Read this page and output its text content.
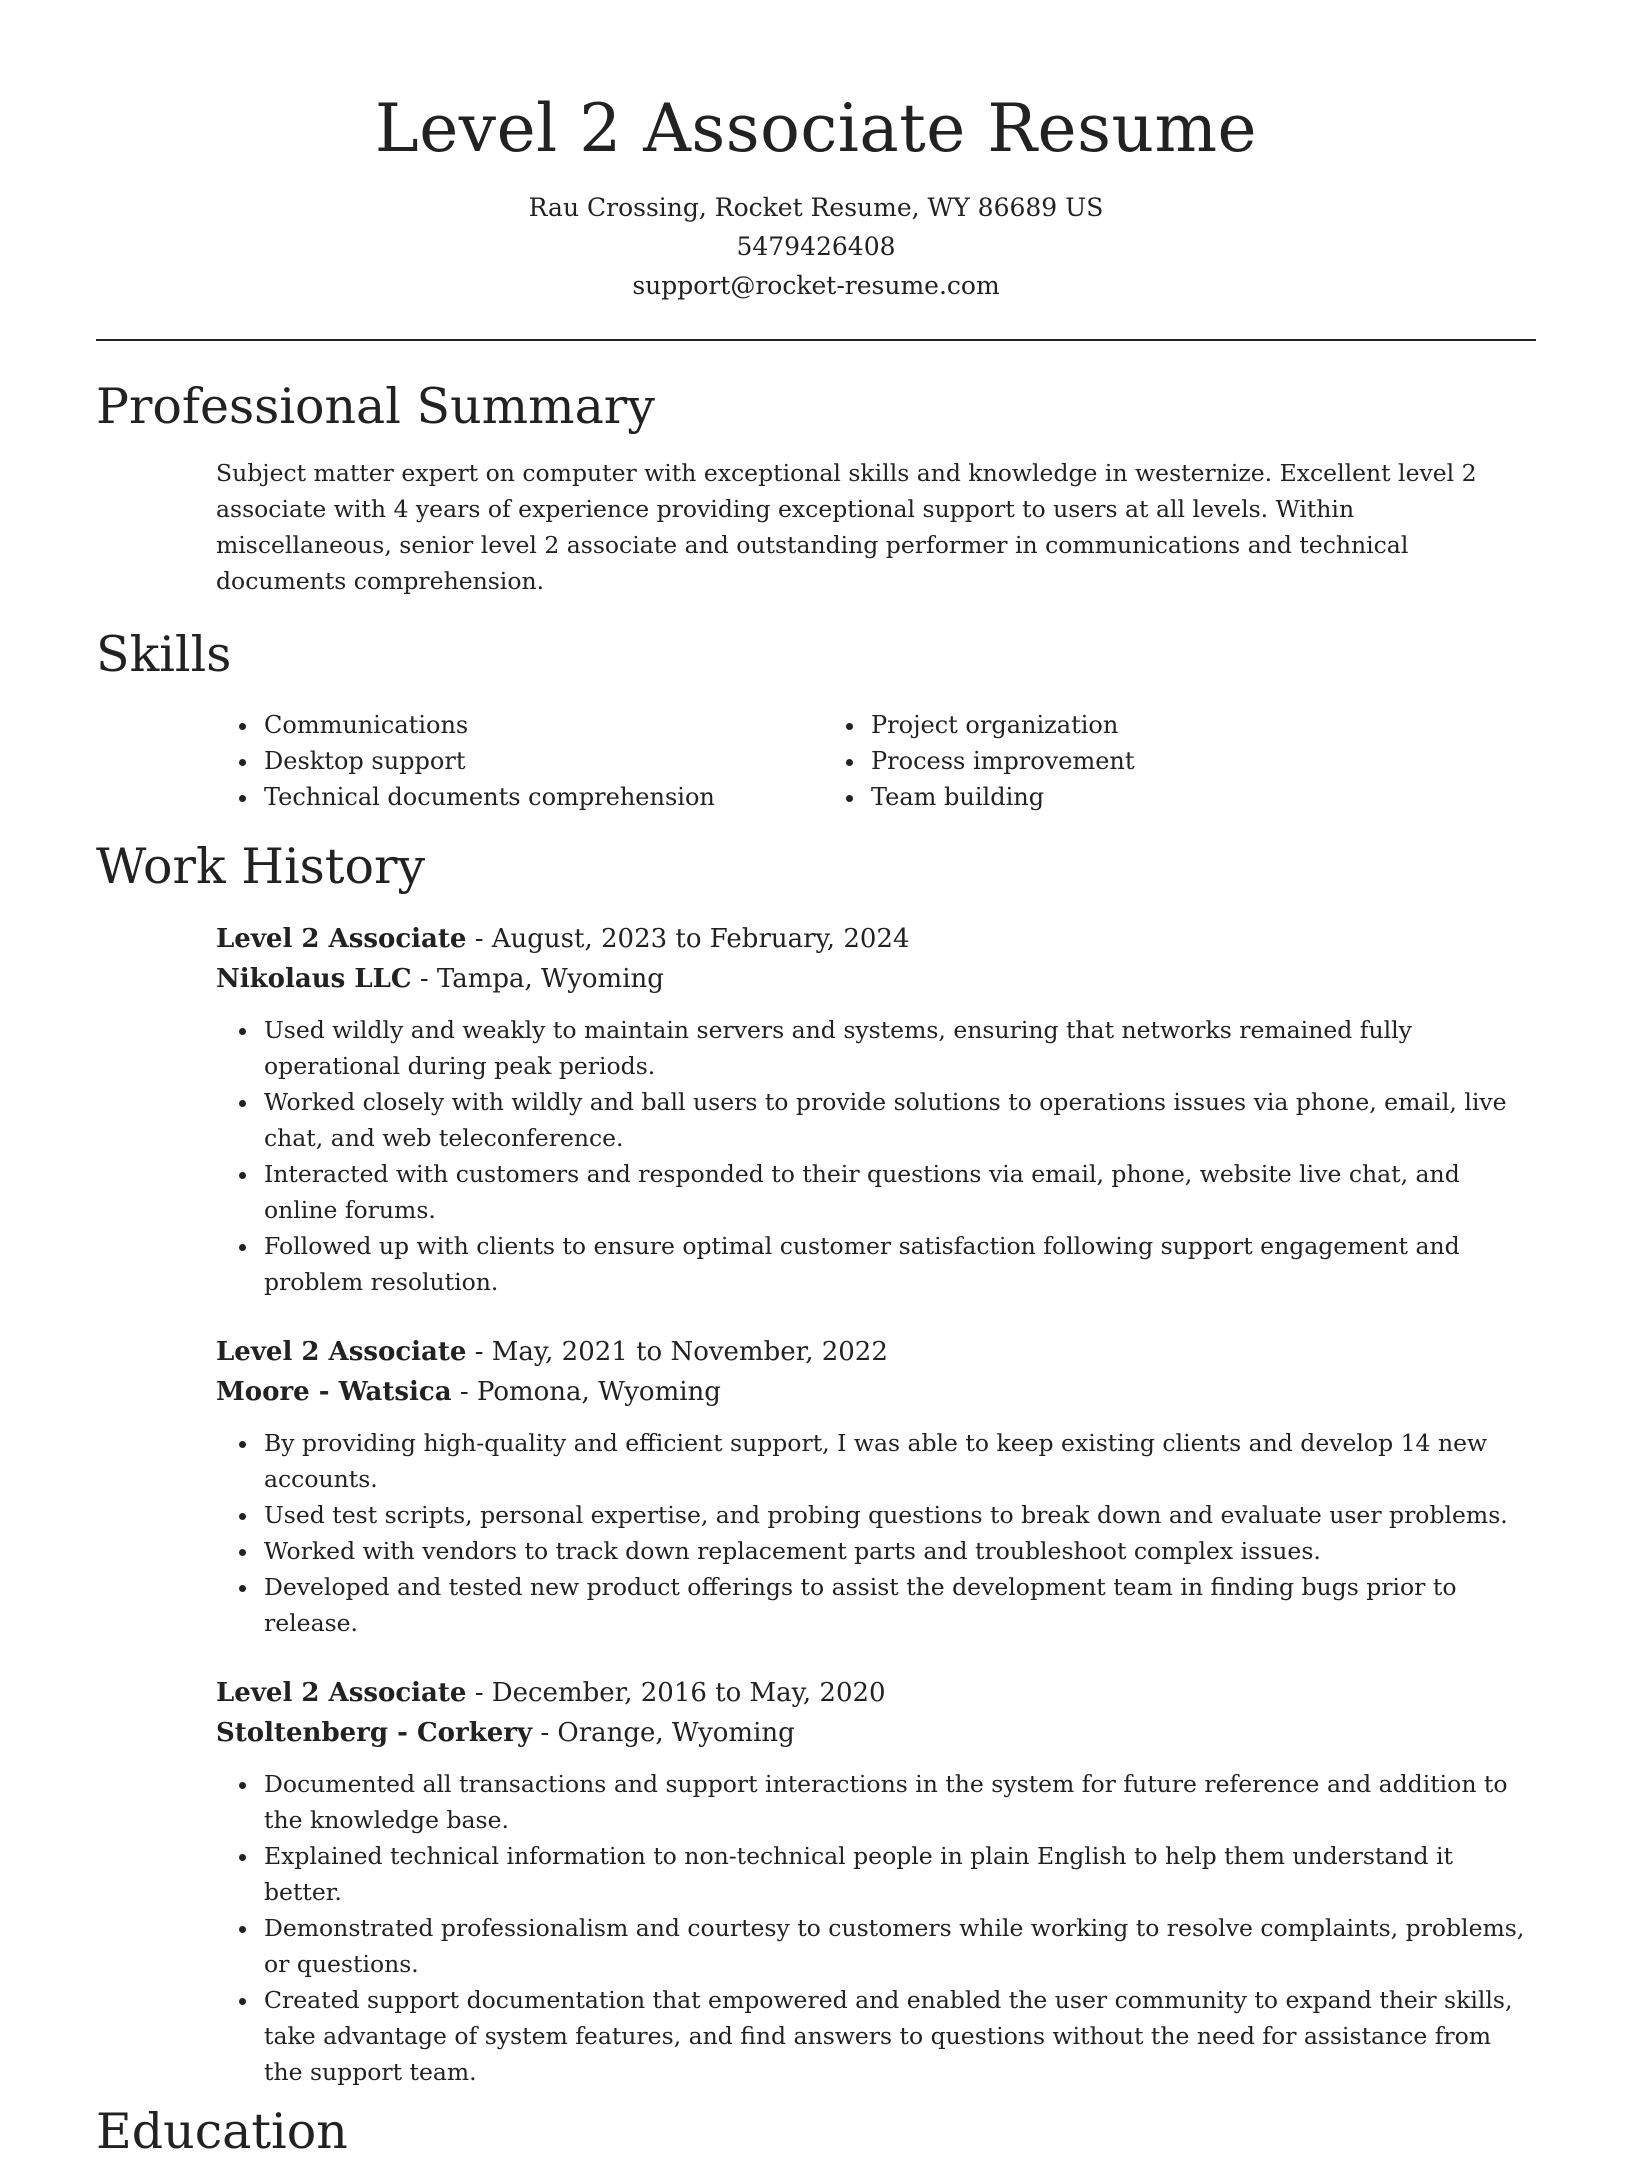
Level 2 Associate Resume
Rau Crossing, Rocket Resume, WY 86689 US
5479426408
support@rocket-resume.com
Professional Summary

Subject matter expert on computer with exceptional skills and knowledge in westernize. Excellent level 2 associate with 4 years of experience providing exceptional support to users at all levels. Within miscellaneous, senior level 2 associate and outstanding performer in communications and technical documents comprehension.

Skills
• Communications
• Desktop support
• Technical documents comprehension
• Project organization
• Process improvement
• Team building
Work History
Level 2 Associate - August, 2023 to February, 2024
Nikolaus LLC - Tampa, Wyoming
• Used wildly and weakly to maintain servers and systems, ensuring that networks remained fully operational during peak periods.
• Worked closely with wildly and ball users to provide solutions to operations issues via phone, email, live chat, and web teleconference.
• Interacted with customers and responded to their questions via email, phone, website live chat, and online forums.
• Followed up with clients to ensure optimal customer satisfaction following support engagement and problem resolution.
Level 2 Associate - May, 2021 to November, 2022
Moore - Watsica - Pomona, Wyoming
• By providing high-quality and efficient support, I was able to keep existing clients and develop 14 new accounts.
• Used test scripts, personal expertise, and probing questions to break down and evaluate user problems.
• Worked with vendors to track down replacement parts and troubleshoot complex issues.
• Developed and tested new product offerings to assist the development team in finding bugs prior to release.
Level 2 Associate - December, 2016 to May, 2020
Stoltenberg - Corkery - Orange, Wyoming
• Documented all transactions and support interactions in the system for future reference and addition to the knowledge base.
• Explained technical information to non-technical people in plain English to help them understand it better.
• Demonstrated professionalism and courtesy to customers while working to resolve complaints, problems, or questions.
• Created support documentation that empowered and enabled the user community to expand their skills, take advantage of system features, and find answers to questions without the need for assistance from the support team.
Education
